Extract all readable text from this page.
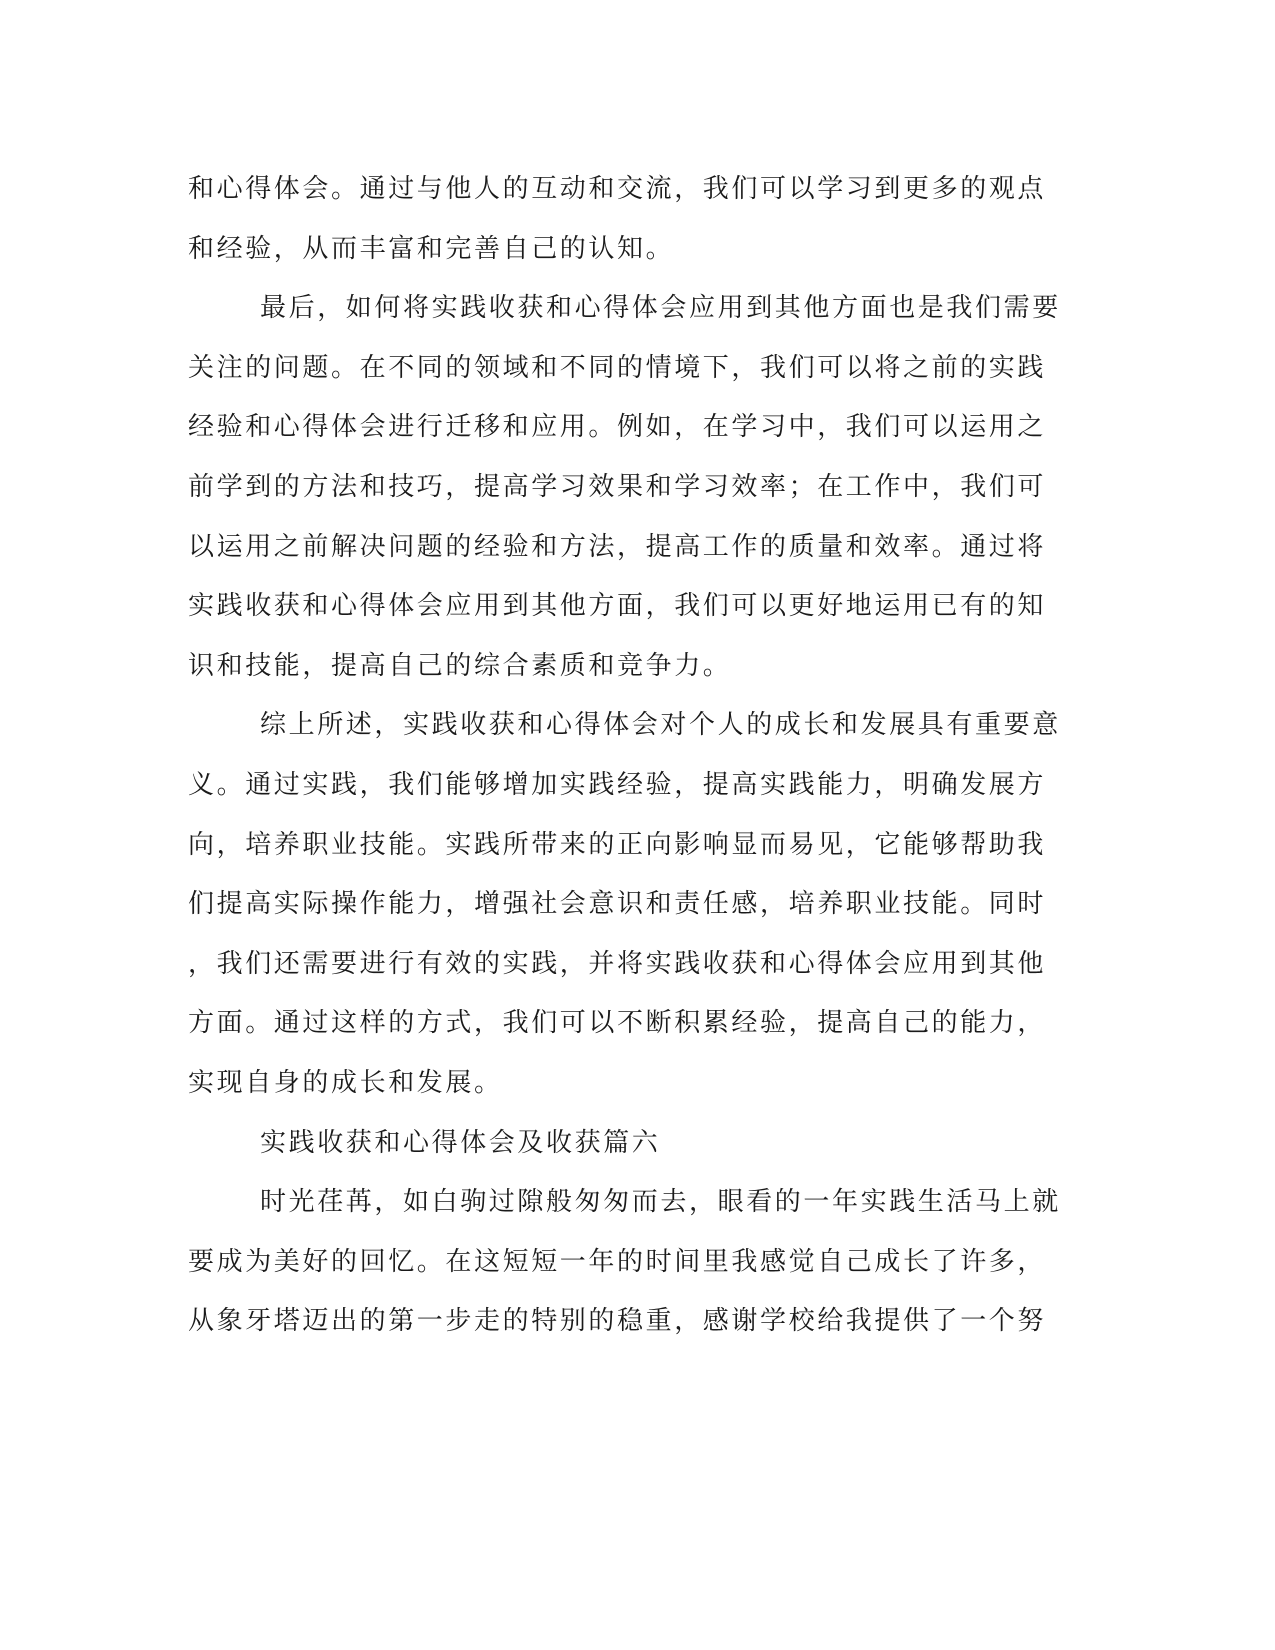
和心得体会。通过与他人的互动和交流，我们可以学习到更多的观点
和经验，从而丰富和完善自己的认知。
最后，如何将实践收获和心得体会应用到其他方面也是我们需要
关注的问题。在不同的领域和不同的情境下，我们可以将之前的实践
经验和心得体会进行迁移和应用。例如，在学习中，我们可以运用之
前学到的方法和技巧，提高学习效果和学习效率；在工作中，我们可
以运用之前解决问题的经验和方法，提高工作的质量和效率。通过将
实践收获和心得体会应用到其他方面，我们可以更好地运用已有的知
识和技能，提高自己的综合素质和竞争力。
综上所述，实践收获和心得体会对个人的成长和发展具有重要意
义。通过实践，我们能够增加实践经验，提高实践能力，明确发展方
向，培养职业技能。实践所带来的正向影响显而易见，它能够帮助我
们提高实际操作能力，增强社会意识和责任感，培养职业技能。同时
，我们还需要进行有效的实践，并将实践收获和心得体会应用到其他
方面。通过这样的方式，我们可以不断积累经验，提高自己的能力，
实现自身的成长和发展。
实践收获和心得体会及收获篇六
时光荏苒，如白驹过隙般匆匆而去，眼看的一年实践生活马上就
要成为美好的回忆。在这短短一年的时间里我感觉自己成长了许多，
从象牙塔迈出的第一步走的特别的稳重，感谢学校给我提供了一个努
